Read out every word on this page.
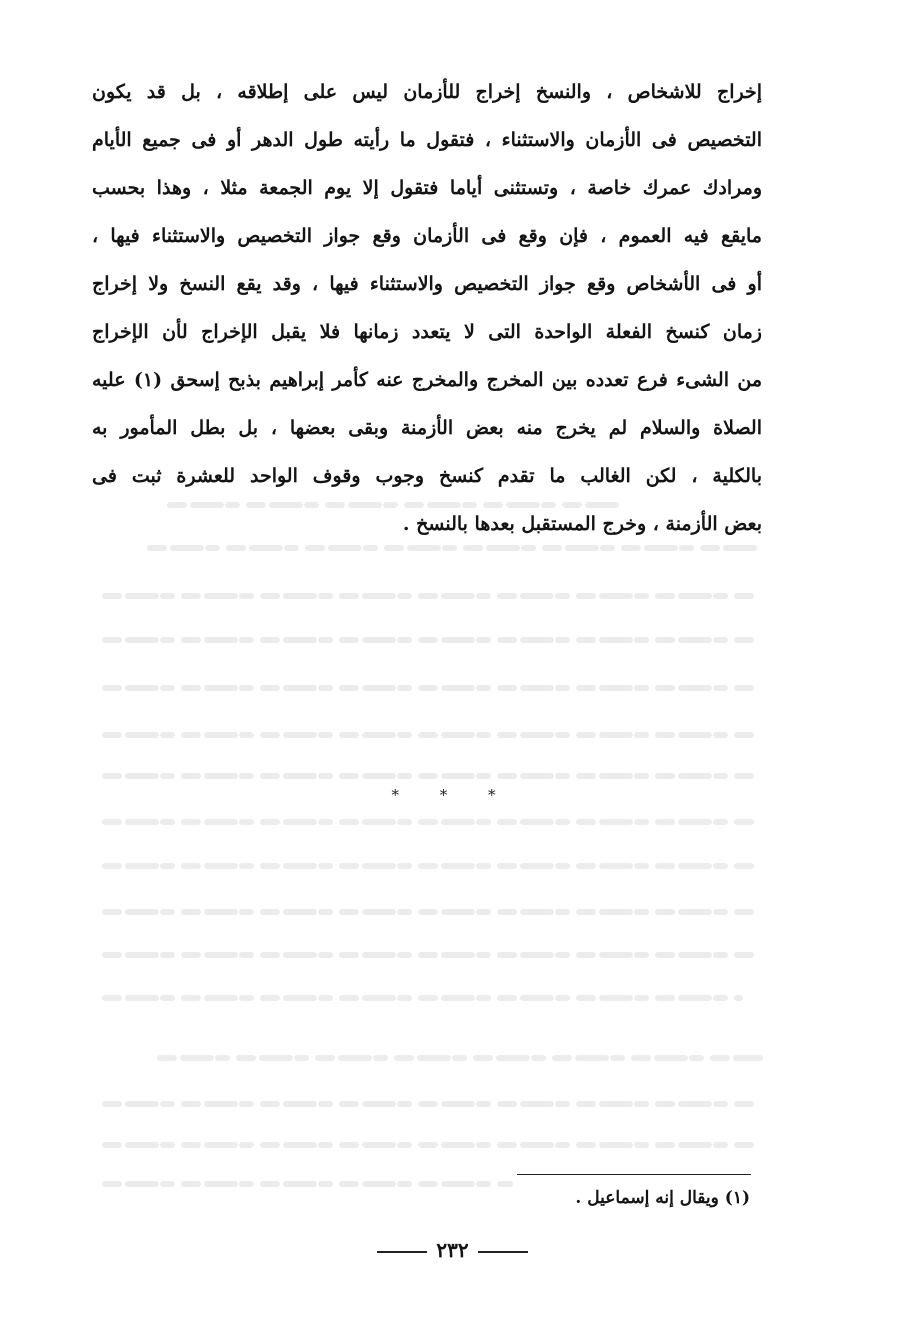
إخراج للاشخاص ، والنسخ إخراج للأزمان ليس على إطلاقه ، بل قد يكون
التخصيص فى الأزمان والاستثناء ، فتقول ما رأيته طول الدهر أو فى جميع الأيام
ومرادك عمرك خاصة ، وتستثنى أياما فتقول إلا يوم الجمعة مثلا ، وهذا بحسب
مايقع فيه العموم ، فإن وقع فى الأزمان وقع جواز التخصيص والاستثناء فيها ،
أو فى الأشخاص وقع جواز التخصيص والاستثناء فيها ، وقد يقع النسخ ولا إخراج
زمان كنسخ الفعلة الواحدة التى لا يتعدد زمانها فلا يقبل الإخراج لأن الإخراج
من الشىء فرع تعدده بين المخرج والمخرج عنه كأمر إبراهيم بذبح إسحق (١) عليه
الصلاة والسلام لم يخرج منه بعض الأزمنة وبقى بعضها ، بل بطل المأمور به
بالكلية ، لكن الغالب ما تقدم كنسخ وجوب وقوف الواحد للعشرة ثبت فى
بعض الأزمنة ، وخرج المستقبل بعدها بالنسخ .
* * *
(١) ويقال إنه إسماعيل .
٢٣٢
